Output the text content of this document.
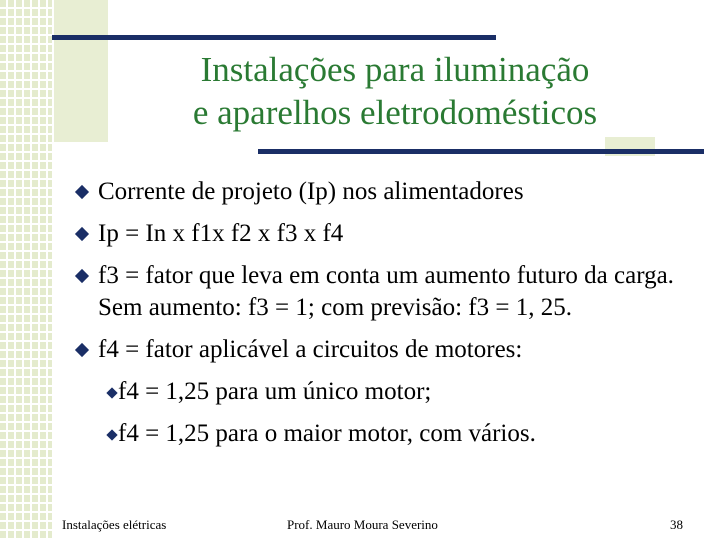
Instalações para iluminação
e aparelhos eletrodomésticos
Corrente de projeto (Ip) nos alimentadores
Ip = In x f1x f2 x f3 x f4
f3 = fator que leva em conta um aumento futuro da carga. Sem aumento: f3 = 1; com previsão: f3 = 1, 25.
f4 = fator aplicável a circuitos de motores:
f4 = 1,25 para um único motor;
f4 = 1,25 para o maior motor, com vários.
Instalações elétricas	Prof. Mauro Moura Severino	38
